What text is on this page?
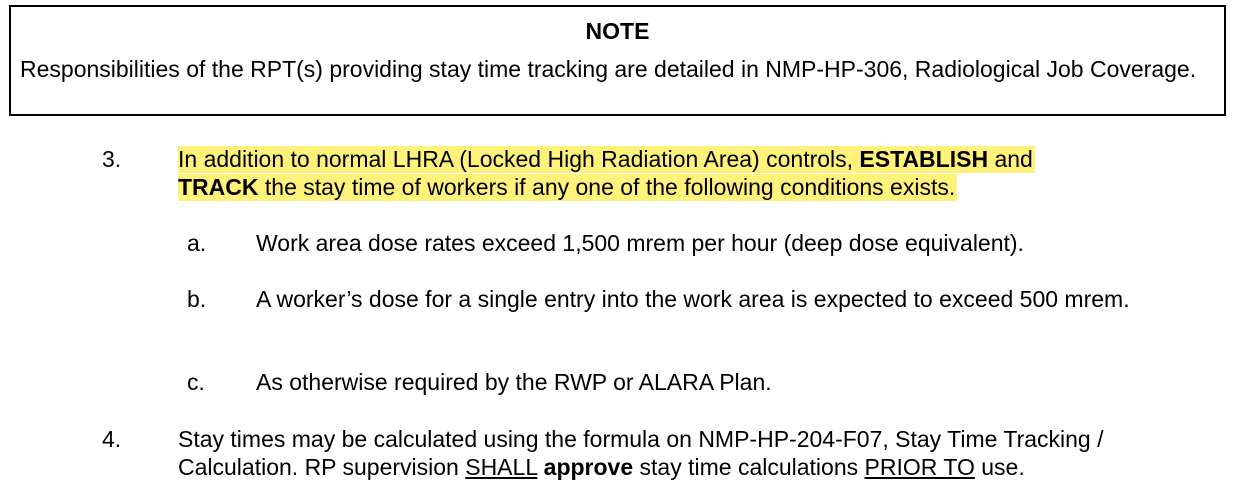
NOTE
Responsibilities of the RPT(s) providing stay time tracking are detailed in NMP-HP-306, Radiological Job Coverage.
3. In addition to normal LHRA (Locked High Radiation Area) controls, ESTABLISH and
TRACK the stay time of workers if any one of the following conditions exists.
a. Work area dose rates exceed 1,500 mrem per hour (deep dose equivalent).
b. A worker’s dose for a single entry into the work area is expected to exceed 500 mrem.
c. As otherwise required by the RWP or ALARA Plan.
4. Stay times may be calculated using the formula on NMP-HP-204-F07, Stay Time Tracking / Calculation. RP supervision SHALL approve stay time calculations PRIOR TO use.
